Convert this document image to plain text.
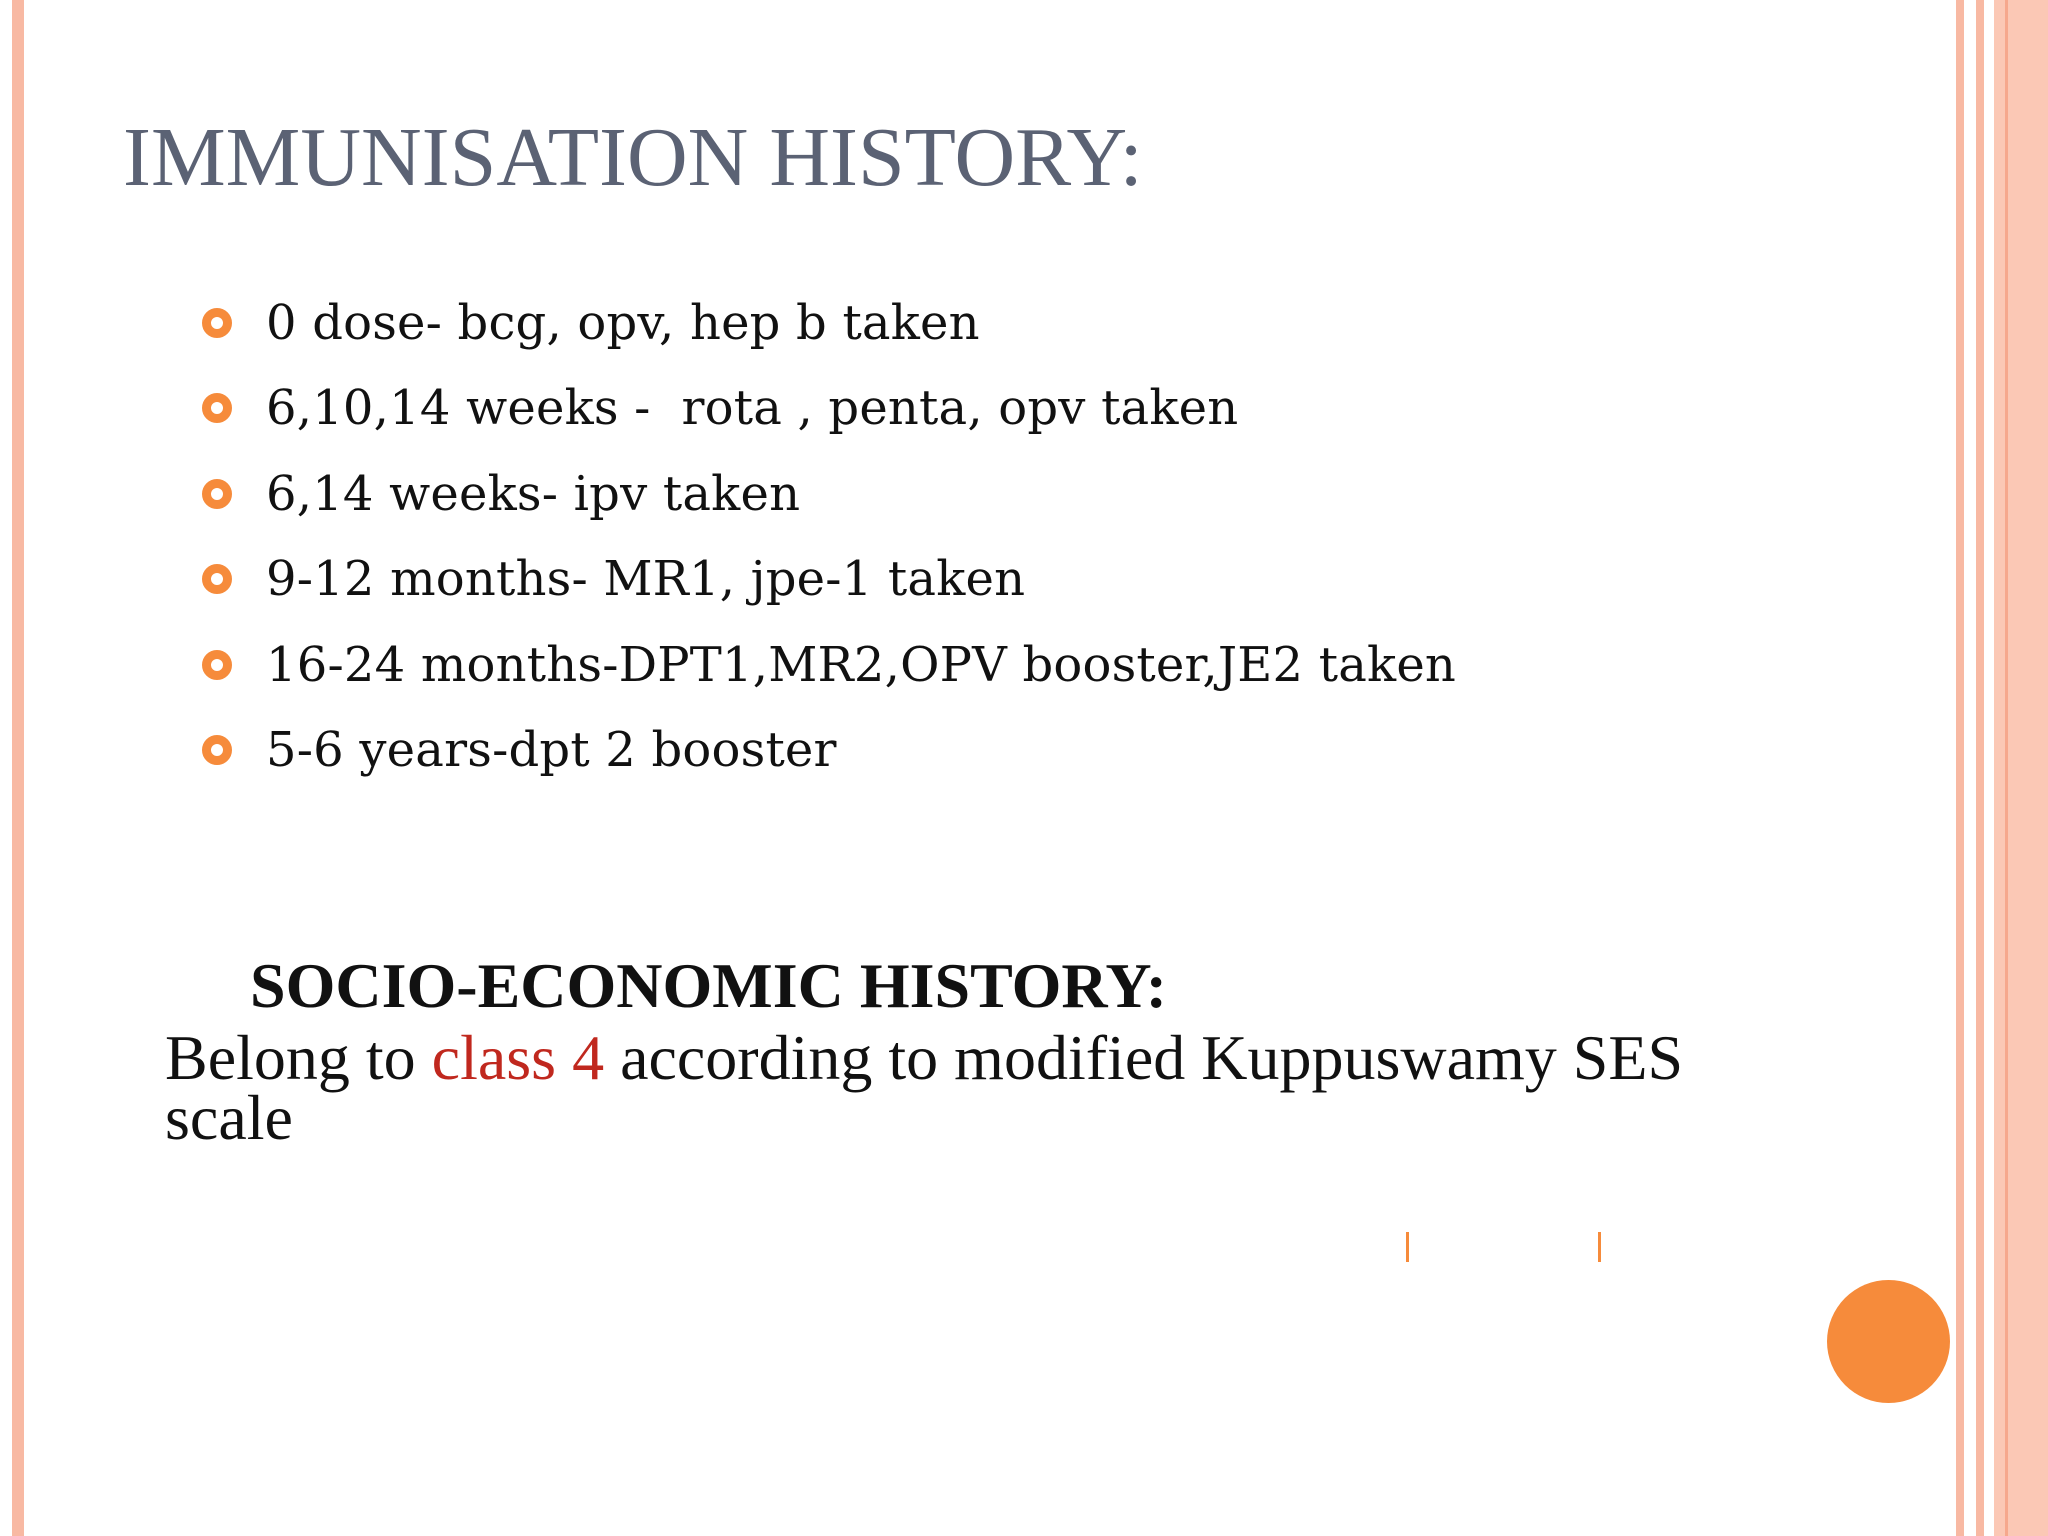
IMMUNISATION HISTORY:
0 dose- bcg, opv, hep b taken
6,10,14 weeks -  rota , penta, opv taken
6,14 weeks- ipv taken
9-12 months- MR1, jpe-1 taken
16-24 months-DPT1,MR2,OPV booster,JE2 taken
5-6 years-dpt 2 booster
SOCIO-ECONOMIC HISTORY:

Belong to class 4 according to modified Kuppuswamy SES scale
